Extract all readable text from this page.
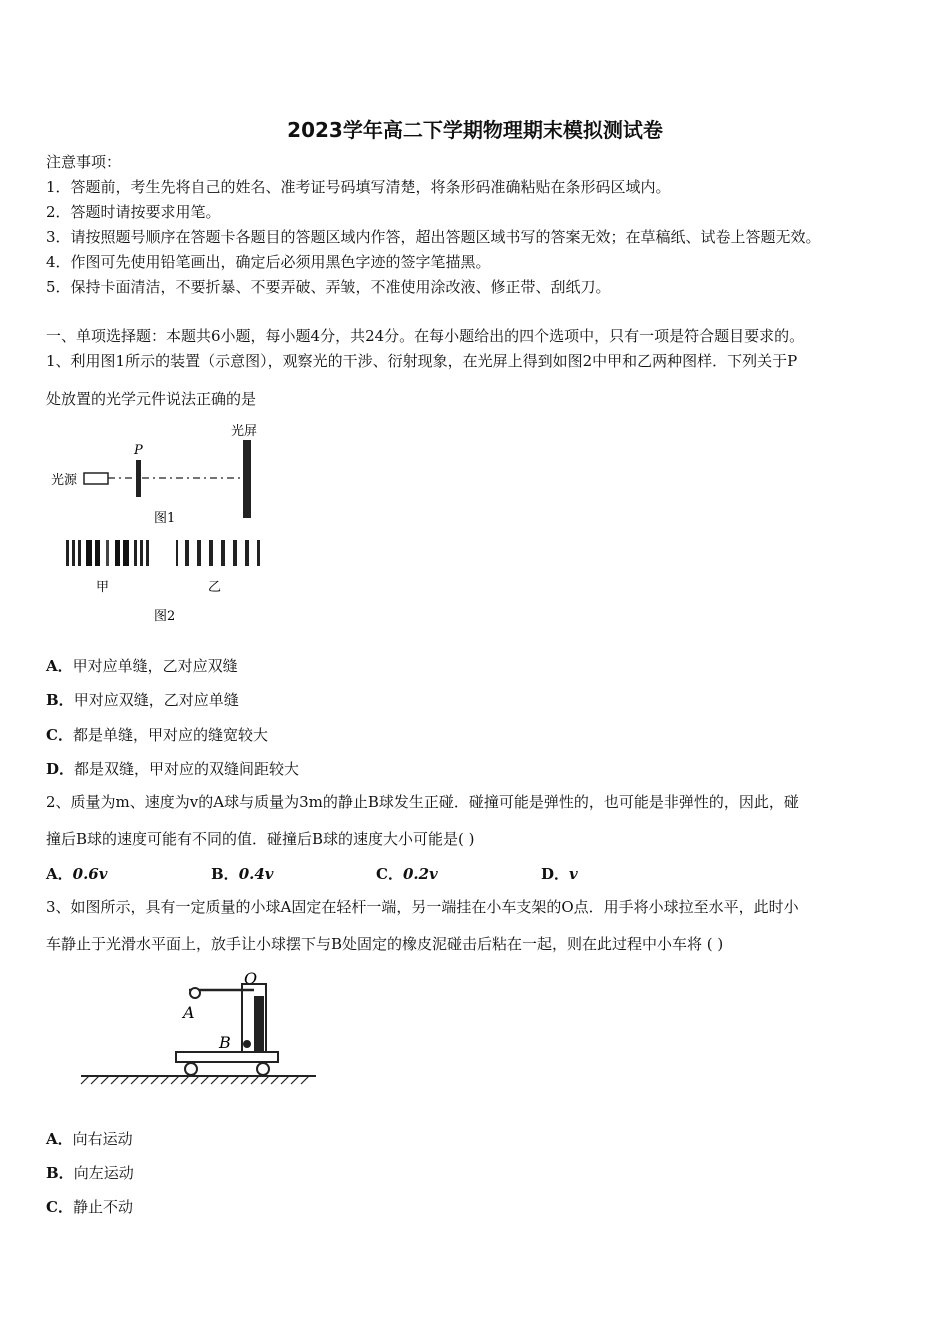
2023学年高二下学期物理期末模拟测试卷
注意事项：
1．答题前，考生先将自己的姓名、准考证号码填写清楚，将条形码准确粘贴在条形码区域内。
2．答题时请按要求用笔。
3．请按照题号顺序在答题卡各题目的答题区域内作答，超出答题区域书写的答案无效；在草稿纸、试卷上答题无效。
4．作图可先使用铅笔画出，确定后必须用黑色字迹的签字笔描黑。
5．保持卡面清洁，不要折暴、不要弄破、弄皱，不准使用涂改液、修正带、刮纸刀。
一、单项选择题：本题共6小题，每小题4分，共24分。在每小题给出的四个选项中，只有一项是符合题目要求的。
1、利用图1所示的装置（示意图），观察光的干涉、衍射现象，在光屏上得到如图2中甲和乙两种图样．下列关于P
处放置的光学元件说法正确的是
光源
P
光屏
图1
甲	乙
图2
A．甲对应单缝，乙对应双缝
B．甲对应双缝，乙对应单缝
C．都是单缝，甲对应的缝宽较大
D．都是双缝，甲对应的双缝间距较大
2、质量为m、速度为v的A球与质量为3m的静止B球发生正碰．碰撞可能是弹性的，也可能是非弹性的，因此，碰
撞后B球的速度可能有不同的值．碰撞后B球的速度大小可能是( )
A．0.6v	B．0.4v	C．0.2v	D．v
3、如图所示，具有一定质量的小球A固定在轻杆一端，另一端挂在小车支架的O点．用手将小球拉至水平，此时小
车静止于光滑水平面上，放手让小球摆下与B处固定的橡皮泥碰击后粘在一起，则在此过程中小车将 ( )
O
A
B
A．向右运动
B．向左运动
C．静止不动
